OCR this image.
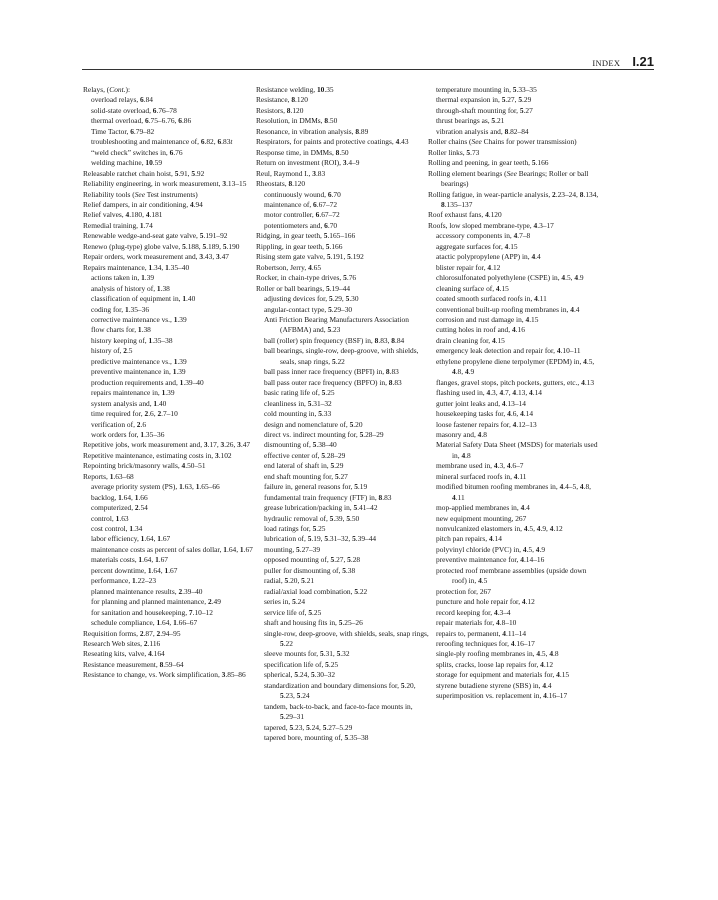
INDEX I.21

Relays, (Cont.):

overload relays, 6.84

solid-state overload, 6.76–78

thermal overload, 6.75–6.76, 6.86

Time Tactor, 6.79–82

troubleshooting and maintenance of, 6.82, 6.83t

“weld check” switches in, 6.76

welding machine, 10.59

Releasable ratchet chain hoist, 5.91, 5.92

Reliability engineering, in work measurement, 3.13–15

Reliability tools (See Test instruments)

Relief dampers, in air conditioning, 4.94

Relief valves, 4.180, 4.181

Remedial training, 1.74

Renewable wedge-and-seat gate valve, 5.191–92

Renewo (plug-type) globe valve, 5.188, 5.189, 5.190

Repair orders, work measurement and, 3.43, 3.47

Repairs maintenance, 1.34, 1.35–40

actions taken in, 1.39

analysis of history of, 1.38

classification of equipment in, 1.40

coding for, 1.35–36

corrective maintenance vs., 1.39

flow charts for, 1.38

history keeping of, 1.35–38

history of, 2.5

predictive maintenance vs., 1.39

preventive maintenance in, 1.39

production requirements and, 1.39–40

repairs maintenance in, 1.39

system analysis and, 1.40

time required for, 2.6, 2.7–10

verification of, 2.6

work orders for, 1.35–36

Repetitive jobs, work measurement and, 3.17, 3.26, 3.47

Repetitive maintenance, estimating costs in, 3.102

Repointing brick/masonry walls, 4.50–51

Reports, 1.63–68

average priority system (PS), 1.63, 1.65–66

backlog, 1.64, 1.66

computerized, 2.54

control, 1.63

cost control, 1.34

labor efficiency, 1.64, 1.67

maintenance costs as percent of sales dollar, 1.64, 1.67

materials costs, 1.64, 1.67

percent downtime, 1.64, 1.67

performance, 1.22–23

planned maintenance results, 2.39–40

for planning and planned maintenance, 2.49

for sanitation and housekeeping, 7.10–12

schedule compliance, 1.64, 1.66–67

Requisition forms, 2.87, 2.94–95

Research Web sites, 2.116

Reseating kits, valve, 4.164

Resistance measurement, 8.59–64

Resistance to change, vs. Work simplification, 3.85–86

Resistance welding, 10.35

Resistance, 8.120

Resistors, 8.120

Resolution, in DMMs, 8.50

Resonance, in vibration analysis, 8.89

Respirators, for paints and protective coatings, 4.43

Response time, in DMMs, 8.50

Return on investment (ROI), 3.4–9

Reul, Raymond I., 3.83

Rheostats, 8.120

continuously wound, 6.70

maintenance of, 6.67–72

motor controller, 6.67–72

potentiometers and, 6.70

Ridging, in gear teeth, 5.165–166

Rippling, in gear teeth, 5.166

Rising stem gate valve, 5.191, 5.192

Robertson, Jerry, 4.65

Rocker, in chain-type drives, 5.76

Roller or ball bearings, 5.19–44

adjusting devices for, 5.29, 5.30

angular-contact type, 5.29–30

Anti Friction Bearing Manufacturers Association (AFBMA) and, 5.23

ball (roller) spin frequency (BSF) in, 8.83, 8.84

ball bearings, single-row, deep-groove, with shields, seals, snap rings, 5.22

ball pass inner race frequency (BPFI) in, 8.83

ball pass outer race frequency (BPFO) in, 8.83

basic rating life of, 5.25

cleanliness in, 5.31–32

cold mounting in, 5.33

design and nomenclature of, 5.20

direct vs. indirect mounting for, 5.28–29

dismounting of, 5.38–40

effective center of, 5.28–29

end lateral of shaft in, 5.29

end shaft mounting for, 5.27

failure in, general reasons for, 5.19

fundamental train frequency (FTF) in, 8.83

grease lubrication/packing in, 5.41–42

hydraulic removal of, 5.39, 5.50

load ratings for, 5.25

lubrication of, 5.19, 5.31–32, 5.39–44

mounting, 5.27–39

opposed mounting of, 5.27, 5.28

puller for dismounting of, 5.38

radial, 5.20, 5.21

radial/axial load combination, 5.22

series in, 5.24

service life of, 5.25

shaft and housing fits in, 5.25–26

single-row, deep-groove, with shields, seals, snap rings, 5.22

sleeve mounts for, 5.31, 5.32

specification life of, 5.25

spherical, 5.24, 5.30–32

standardization and boundary dimensions for, 5.20, 5.23, 5.24

tandem, back-to-back, and face-to-face mounts in, 5.29–31

tapered, 5.23, 5.24, 5.27–5.29

tapered bore, mounting of, 5.35–38

temperature mounting in, 5.33–35

thermal expansion in, 5.27, 5.29

through-shaft mounting for, 5.27

thrust bearings as, 5.21

vibration analysis and, 8.82–84

Roller chains (See Chains for power transmission)

Roller links, 5.73

Rolling and peening, in gear teeth, 5.166

Rolling element bearings (See Bearings; Roller or ball bearings)

Rolling fatigue, in wear-particle analysis, 2.23–24, 8.134, 8.135–137

Roof exhaust fans, 4.120

Roofs, low sloped membrane-type, 4.3–17

accessory components in, 4.7–8

aggregate surfaces for, 4.15

atactic polypropylene (APP) in, 4.4

blister repair for, 4.12

chlorosulfonated polyethylene (CSPE) in, 4.5, 4.9

cleaning surface of, 4.15

coated smooth surfaced roofs in, 4.11

conventional built-up roofing membranes in, 4.4

corrosion and rust damage in, 4.15

cutting holes in roof and, 4.16

drain cleaning for, 4.15

emergency leak detection and repair for, 4.10–11

ethylene propylene diene terpolymer (EPDM) in, 4.5, 4.8, 4.9

flanges, gravel stops, pitch pockets, gutters, etc., 4.13

flashing used in, 4.3, 4.7, 4.13, 4.14

gutter joint leaks and, 4.13–14

housekeeping tasks for, 4.6, 4.14

loose fastener repairs for, 4.12–13

masonry and, 4.8

Material Safety Data Sheet (MSDS) for materials used in, 4.8

membrane used in, 4.3, 4.6–7

mineral surfaced roofs in, 4.11

modified bitumen roofing membranes in, 4.4–5, 4.8, 4.11

mop-applied membranes in, 4.4

new equipment mounting, 267

nonvulcanized elastomers in, 4.5, 4.9, 4.12

pitch pan repairs, 4.14

polyvinyl chloride (PVC) in, 4.5, 4.9

preventive maintenance for, 4.14–16

protected roof membrane assemblies (upside down roof) in, 4.5

protection for, 267

puncture and hole repair for, 4.12

record keeping for, 4.3–4

repair materials for, 4.8–10

repairs to, permanent, 4.11–14

reroofing techniques for, 4.16–17

single-ply roofing membranes in, 4.5, 4.8

splits, cracks, loose lap repairs for, 4.12

storage for equipment and materials for, 4.15

styrene butadiene styrene (SBS) in, 4.4

superimposition vs. replacement in, 4.16–17
